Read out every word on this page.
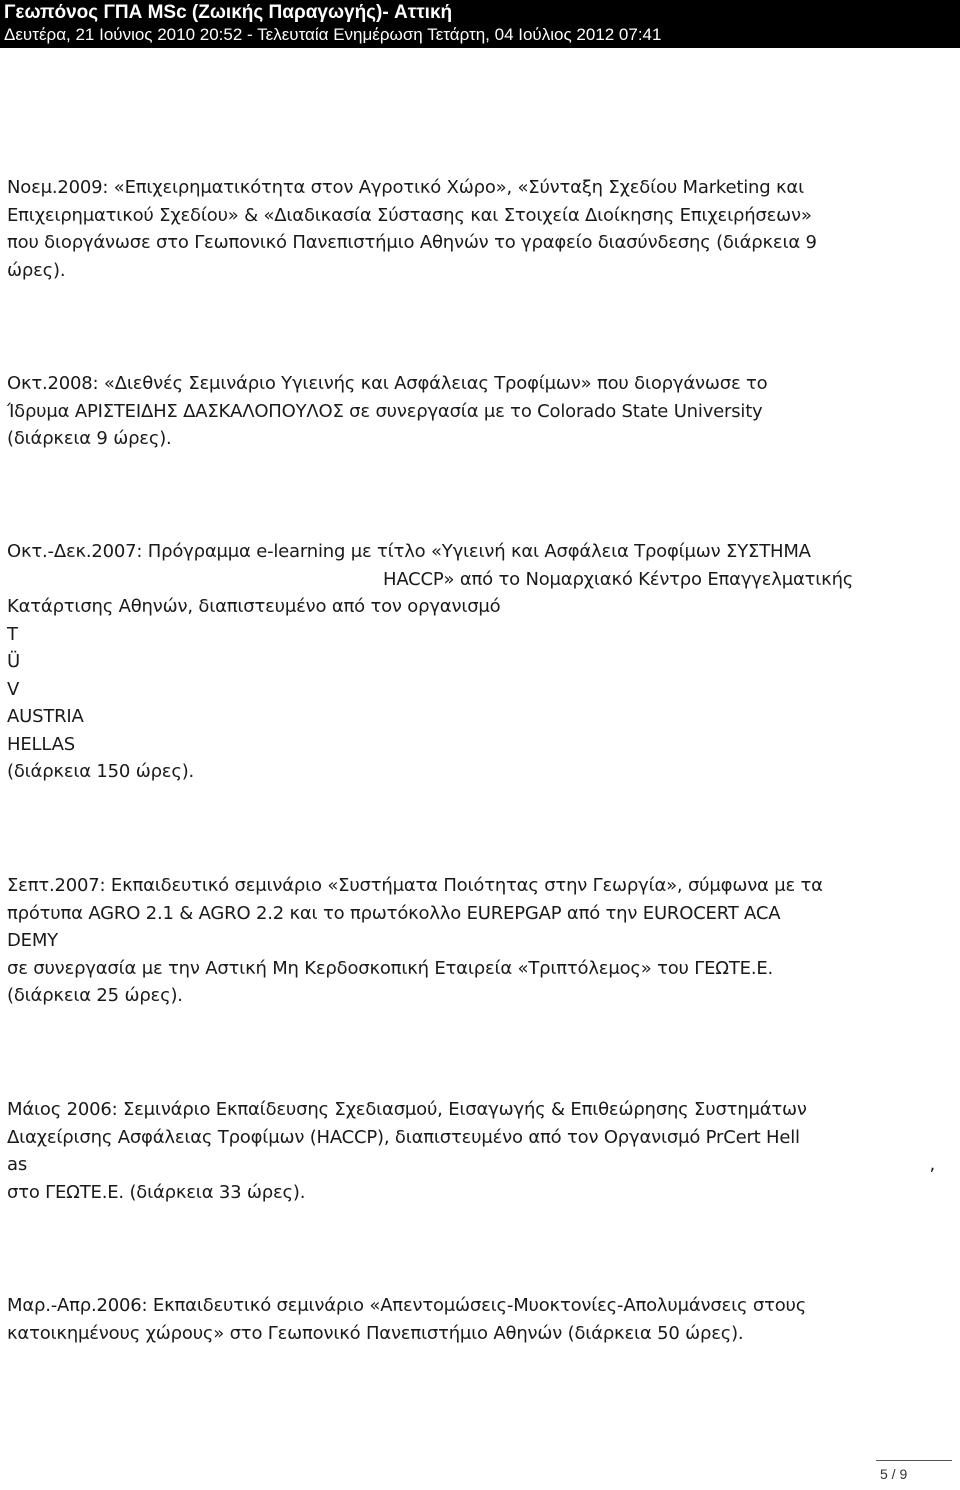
Γεωπόνος ΓΠΑ MSc (Ζωικής Παραγωγής)- Αττική
Δευτέρα, 21 Ιούνιος 2010 20:52 - Τελευταία Ενημέρωση Τετάρτη, 04 Ιούλιος 2012 07:41
Νοεμ.2009: «Επιχειρηματικότητα στον Αγροτικό Χώρο», «Σύνταξη Σχεδίου Marketing και
Επιχειρηματικού Σχεδίου» & «Διαδικασία Σύστασης και Στοιχεία Διοίκησης Επιχειρήσεων»
που διοργάνωσε στο Γεωπονικό Πανεπιστήμιο Αθηνών το γραφείο διασύνδεσης (διάρκεια 9
ώρες).
Οκτ.2008: «Διεθνές Σεμινάριο Υγιεινής και Ασφάλειας Τροφίμων» που διοργάνωσε το
Ίδρυμα ΑΡΙΣΤΕΙΔΗΣ ΔΑΣΚΑΛΟΠΟΥΛΟΣ σε συνεργασία με το Colorado State University
(διάρκεια 9 ώρες).
Οκτ.-Δεκ.2007: Πρόγραμμα e-learning με τίτλο «Υγιεινή και Ασφάλεια Τροφίμων ΣΥΣΤΗΜΑ
HACCP» από το Νομαρχιακό Κέντρο Επαγγελματικής
Κατάρτισης Αθηνών, διαπιστευμένο από τον οργανισμό
T
Ü
V
AUSTRIA
HELLAS
(διάρκεια 150 ώρες).
Σεπτ.2007: Εκπαιδευτικό σεμινάριο «Συστήματα Ποιότητας στην Γεωργία», σύμφωνα με τα
πρότυπα AGRO 2.1 & AGRO 2.2 και το πρωτόκολλο EUREPGAP από την EUROCERT ACA
DEMY
σε συνεργασία με την Αστική Μη Κερδοσκοπική Εταιρεία «Τριπτόλεμος» του ΓΕΩΤΕ.Ε.
(διάρκεια 25 ώρες).
Μάιος 2006: Σεμινάριο Εκπαίδευσης Σχεδιασμού, Εισαγωγής & Επιθεώρησης Συστημάτων
Διαχείρισης Ασφάλειας Τροφίμων (HACCP), διαπιστευμένο από τον Οργανισμό PrCert Hell
as	,
στο ΓΕΩΤΕ.Ε. (διάρκεια 33 ώρες).
Μαρ.-Απρ.2006: Εκπαιδευτικό σεμινάριο «Απεντομώσεις-Μυοκτονίες-Απολυμάνσεις στους
κατοικημένους χώρους» στο Γεωπονικό Πανεπιστήμιο Αθηνών (διάρκεια 50 ώρες).
5 / 9
